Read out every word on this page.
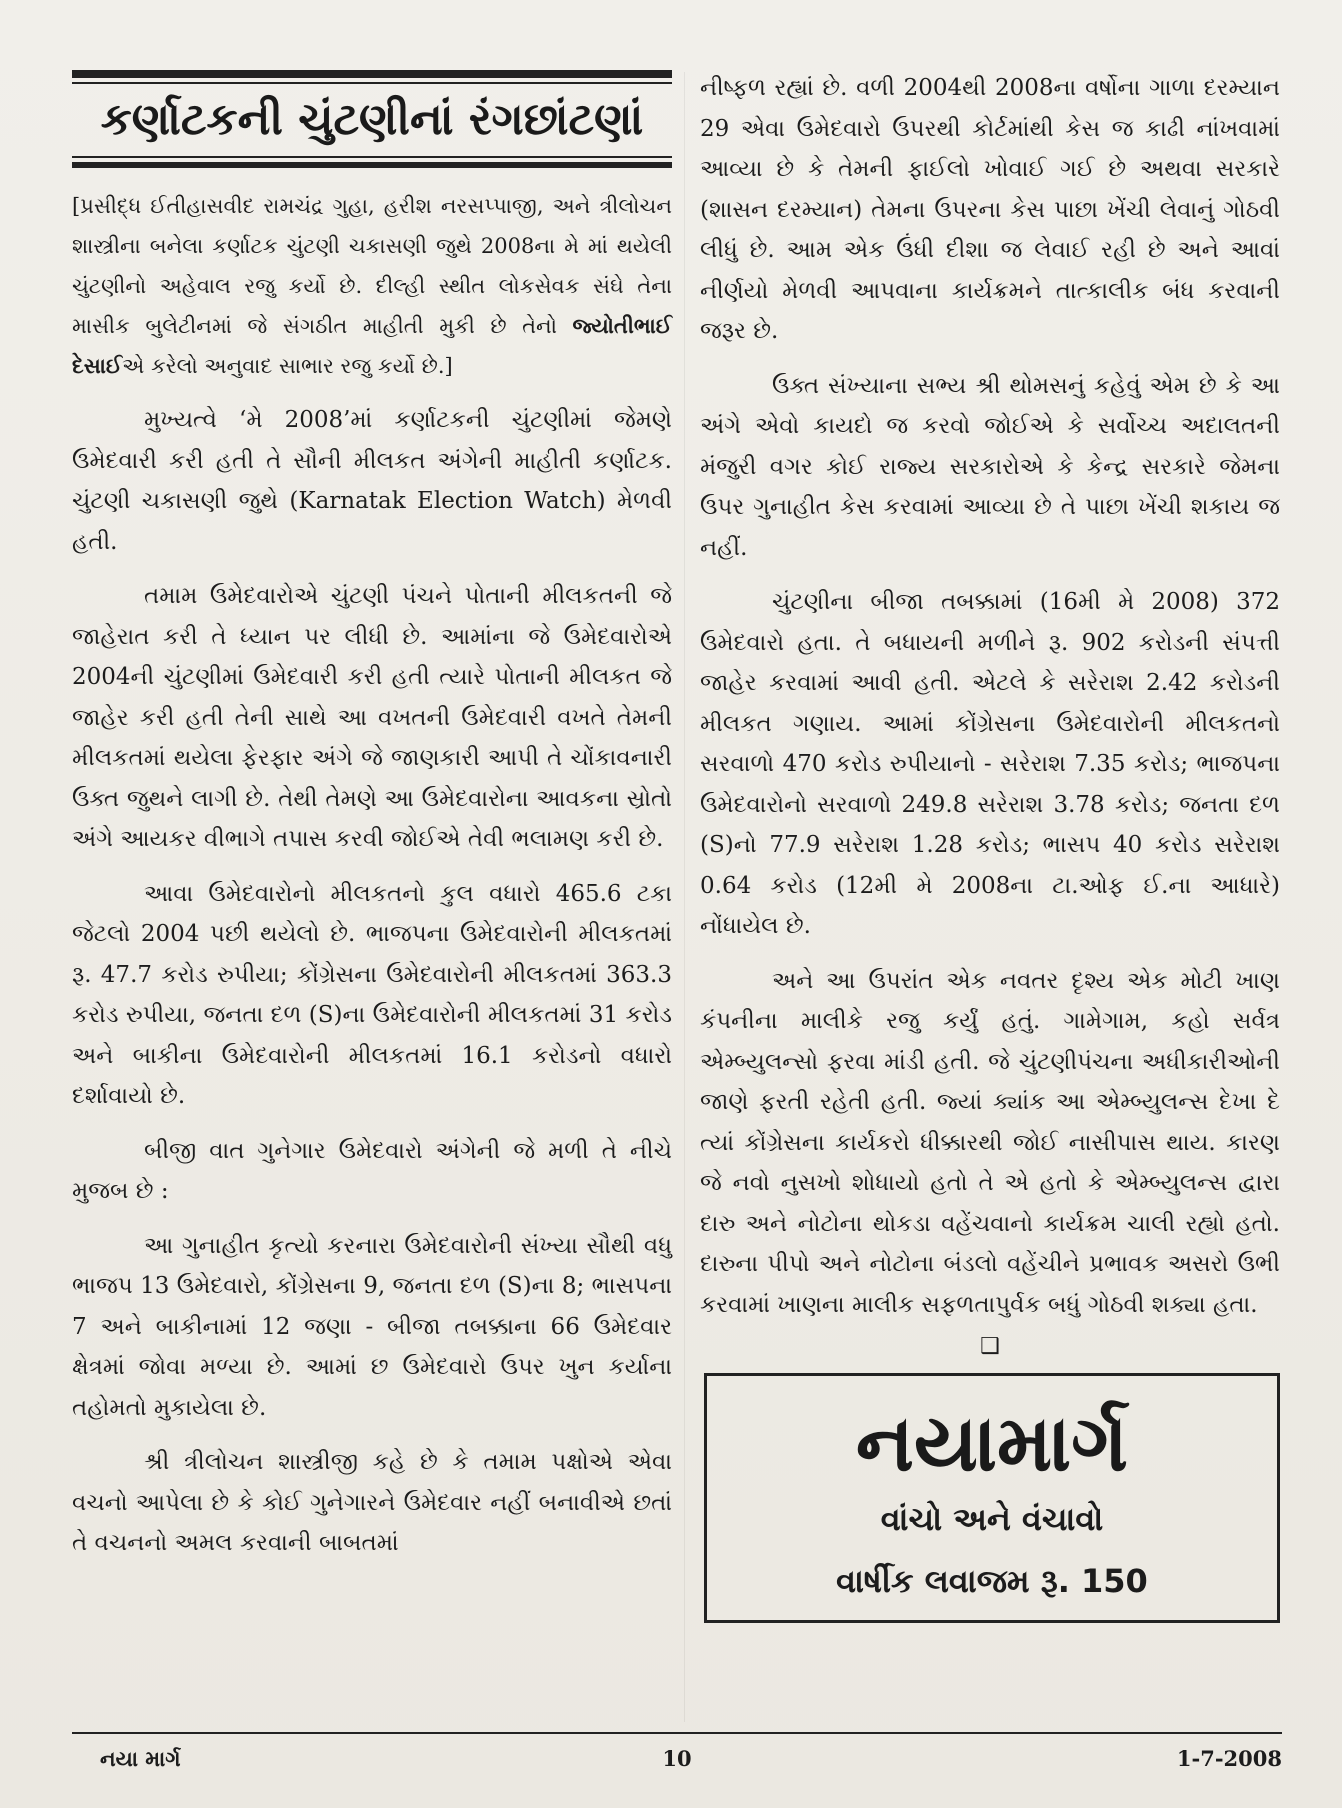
કર્ણાટકની ચુંટણીનાં રંગછાંટણાં

[પ્રસીદ્ધ ઈતીહાસવીદ રામચંદ્ર ગુહા, હરીશ નરસપ્પાજી, અને ત્રીલોચન શાસ્ત્રીના બનેલા કર્ણાટક ચુંટણી ચકાસણી જુથે 2008ના મે માં થયેલી ચુંટણીનો અહેવાલ રજુ કર્યો છે. દીલ્હી સ્થીત લોકસેવક સંઘે તેના માસીક બુલેટીનમાં જે સંગઠીત માહીતી મુકી છે તેનો જ્યોતીભાઈ દેસાઈએ કરેલો અનુવાદ સાભાર રજુ કર્યો છે.]

મુખ્યત્વે ‘મે 2008’માં કર્ણાટકની ચુંટણીમાં જેમણે ઉમેદવારી કરી હતી તે સૌની મીલકત અંગેની માહીતી કર્ણાટક. ચુંટણી ચકાસણી જુથે (Karnatak Election Watch) મેળવી હતી.

તમામ ઉમેદવારોએ ચુંટણી પંચને પોતાની મીલકતની જે જાહેરાત કરી તે ધ્યાન પર લીધી છે. આમાંના જે ઉમેદવારોએ 2004ની ચુંટણીમાં ઉમેદવારી કરી હતી ત્યારે પોતાની મીલકત જે જાહેર કરી હતી તેની સાથે આ વખતની ઉમેદવારી વખતે તેમની મીલકતમાં થયેલા ફેરફાર અંગે જે જાણકારી આપી તે ચોંકાવનારી ઉક્ત જુથને લાગી છે. તેથી તેમણે આ ઉમેદવારોના આવકના સ્રોતો અંગે આયકર વીભાગે તપાસ કરવી જોઈએ તેવી ભલામણ કરી છે.

આવા ઉમેદવારોનો મીલકતનો કુલ વધારો 465.6 ટકા જેટલો 2004 પછી થયેલો છે. ભાજપના ઉમેદવારોની મીલકતમાં રૂ. 47.7 કરોડ રુપીયા; કોંગ્રેસના ઉમેદવારોની મીલકતમાં 363.3 કરોડ રુપીયા, જનતા દળ (S)ના ઉમેદવારોની મીલકતમાં 31 કરોડ અને બાકીના ઉમેદવારોની મીલકતમાં 16.1 કરોડનો વધારો દર્શાવાયો છે.

બીજી વાત ગુનેગાર ઉમેદવારો અંગેની જે મળી તે નીચે મુજબ છે :

આ ગુનાહીત કૃત્યો કરનારા ઉમેદવારોની સંખ્યા સૌથી વધુ ભાજપ 13 ઉમેદવારો, કોંગ્રેસના 9, જનતા દળ (S)ના 8; ભાસપના 7 અને બાકીનામાં 12 જણા - બીજા તબક્કાના 66 ઉમેદવાર ક્ષેત્રમાં જોવા મળ્યા છે. આમાં છ ઉમેદવારો ઉપર ખુન કર્યાના તહોમતો મુકાયેલા છે.

શ્રી ત્રીલોચન શાસ્ત્રીજી કહે છે કે તમામ પક્ષોએ એવા વચનો આપેલા છે કે કોઈ ગુનેગારને ઉમેદવાર નહીં બનાવીએ છતાં તે વચનનો અમલ કરવાની બાબતમાં

નીષ્ફળ રહ્યાં છે. વળી 2004થી 2008ના વર્ષોના ગાળા દરમ્યાન 29 એવા ઉમેદવારો ઉપરથી કોર્ટમાંથી કેસ જ કાઢી નાંખવામાં આવ્યા છે કે તેમની ફાઈલો ખોવાઈ ગઈ છે અથવા સરકારે (શાસન દરમ્યાન) તેમના ઉપરના કેસ પાછા ખેંચી લેવાનું ગોઠવી લીધું છે. આમ એક ઉંધી દીશા જ લેવાઈ રહી છે અને આવાં નીર્ણયો મેળવી આપવાના કાર્યક્રમને તાત્કાલીક બંધ કરવાની જરૂર છે.

ઉક્ત સંખ્યાના સભ્ય શ્રી થોમસનું કહેવું એમ છે કે આ અંગે એવો કાયદો જ કરવો જોઈએ કે સર્વોચ્ચ અદાલતની મંજુરી વગર કોઈ રાજ્ય સરકારોએ કે કેન્દ્ર સરકારે જેમના ઉપર ગુનાહીત કેસ કરવામાં આવ્યા છે તે પાછા ખેંચી શકાય જ નહીં.

ચુંટણીના બીજા તબક્કામાં (16મી મે 2008) 372 ઉમેદવારો હતા. તે બધાયની મળીને રૂ. 902 કરોડની સંપત્તી જાહેર કરવામાં આવી હતી. એટલે કે સરેરાશ 2.42 કરોડની મીલકત ગણાય. આમાં કોંગ્રેસના ઉમેદવારોની મીલકતનો સરવાળો 470 કરોડ રુપીયાનો - સરેરાશ 7.35 કરોડ; ભાજપના ઉમેદવારોનો સરવાળો 249.8 સરેરાશ 3.78 કરોડ; જનતા દળ (S)નો 77.9 સરેરાશ 1.28 કરોડ; ભાસપ 40 કરોડ સરેરાશ 0.64 કરોડ (12મી મે 2008ના ટા.ઓફ ઈ.ના આધારે) નોંધાયેલ છે.

અને આ ઉપરાંત એક નવતર દૃશ્ય એક મોટી ખાણ કંપનીના માલીકે રજુ કર્યું હતું. ગામેગામ, કહો સર્વત્ર એમ્બ્યુલન્સો ફરવા માંડી હતી. જે ચુંટણીપંચના અધીકારીઓની જાણે ફરતી રહેતી હતી. જ્યાં ક્યાંક આ એમ્બ્યુલન્સ દેખા દે ત્યાં કોંગ્રેસના કાર્યકરો ધીક્કારથી જોઈ નાસીપાસ થાય. કારણ જે નવો નુસખો શોધાયો હતો તે એ હતો કે એમ્બ્યુલન્સ દ્વારા દારુ અને નોટોના થોકડા વહેંચવાનો કાર્યક્રમ ચાલી રહ્યો હતો. દારુના પીપો અને નોટોના બંડલો વહેંચીને પ્રભાવક અસરો ઉભી કરવામાં ખાણના માલીક સફળતાપુર્વક બધું ગોઠવી શક્યા હતા.

❑
નયામાર્ગ
વાંચો અને વંચાવો
વાર્ષીક લવાજમ રૂ. 150
નયા માર્ગ	10	1-7-2008
